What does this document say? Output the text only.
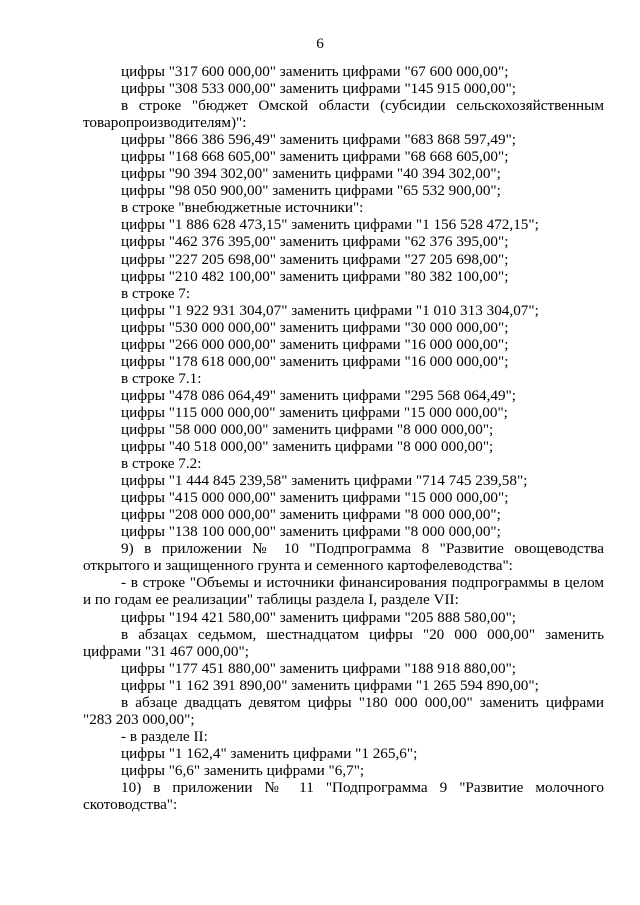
6
цифры "317 600 000,00" заменить цифрами "67 600 000,00";
цифры "308 533 000,00" заменить цифрами "145 915 000,00";
в строке "бюджет Омской области (субсидии сельскохозяйственным
товаропроизводителям)":
цифры "866 386 596,49" заменить цифрами "683 868 597,49";
цифры "168 668 605,00" заменить цифрами "68 668 605,00";
цифры "90 394 302,00" заменить цифрами "40 394 302,00";
цифры "98 050 900,00" заменить цифрами "65 532 900,00";
в строке "внебюджетные источники":
цифры "1 886 628 473,15" заменить цифрами "1 156 528 472,15";
цифры "462 376 395,00" заменить цифрами "62 376 395,00";
цифры "227 205 698,00" заменить цифрами "27 205 698,00";
цифры "210 482 100,00" заменить цифрами "80 382 100,00";
в строке 7:
цифры "1 922 931 304,07" заменить цифрами "1 010 313 304,07";
цифры "530 000 000,00" заменить цифрами "30 000 000,00";
цифры "266 000 000,00" заменить цифрами "16 000 000,00";
цифры "178 618 000,00" заменить цифрами "16 000 000,00";
в строке 7.1:
цифры "478 086 064,49" заменить цифрами "295 568 064,49";
цифры "115 000 000,00" заменить цифрами "15 000 000,00";
цифры "58 000 000,00" заменить цифрами "8 000 000,00";
цифры "40 518 000,00" заменить цифрами "8 000 000,00";
в строке 7.2:
цифры "1 444 845 239,58" заменить цифрами "714 745 239,58";
цифры "415 000 000,00" заменить цифрами "15 000 000,00";
цифры "208 000 000,00" заменить цифрами "8 000 000,00";
цифры "138 100 000,00" заменить цифрами "8 000 000,00";
9) в приложении № 10 "Подпрограмма 8 "Развитие овощеводства
открытого и защищенного грунта и семенного картофелеводства":
- в строке "Объемы и источники финансирования подпрограммы в целом
и по годам ее реализации" таблицы раздела I, разделе VII:
цифры "194 421 580,00" заменить цифрами "205 888 580,00";
в абзацах седьмом, шестнадцатом цифры "20 000 000,00" заменить
цифрами "31 467 000,00";
цифры "177 451 880,00" заменить цифрами "188 918 880,00";
цифры "1 162 391 890,00" заменить цифрами "1 265 594 890,00";
в абзаце двадцать девятом цифры "180 000 000,00" заменить цифрами
"283 203 000,00";
- в разделе II:
цифры "1 162,4" заменить цифрами "1 265,6";
цифры "6,6" заменить цифрами "6,7";
10) в приложении № 11 "Подпрограмма 9 "Развитие молочного
скотоводства":
